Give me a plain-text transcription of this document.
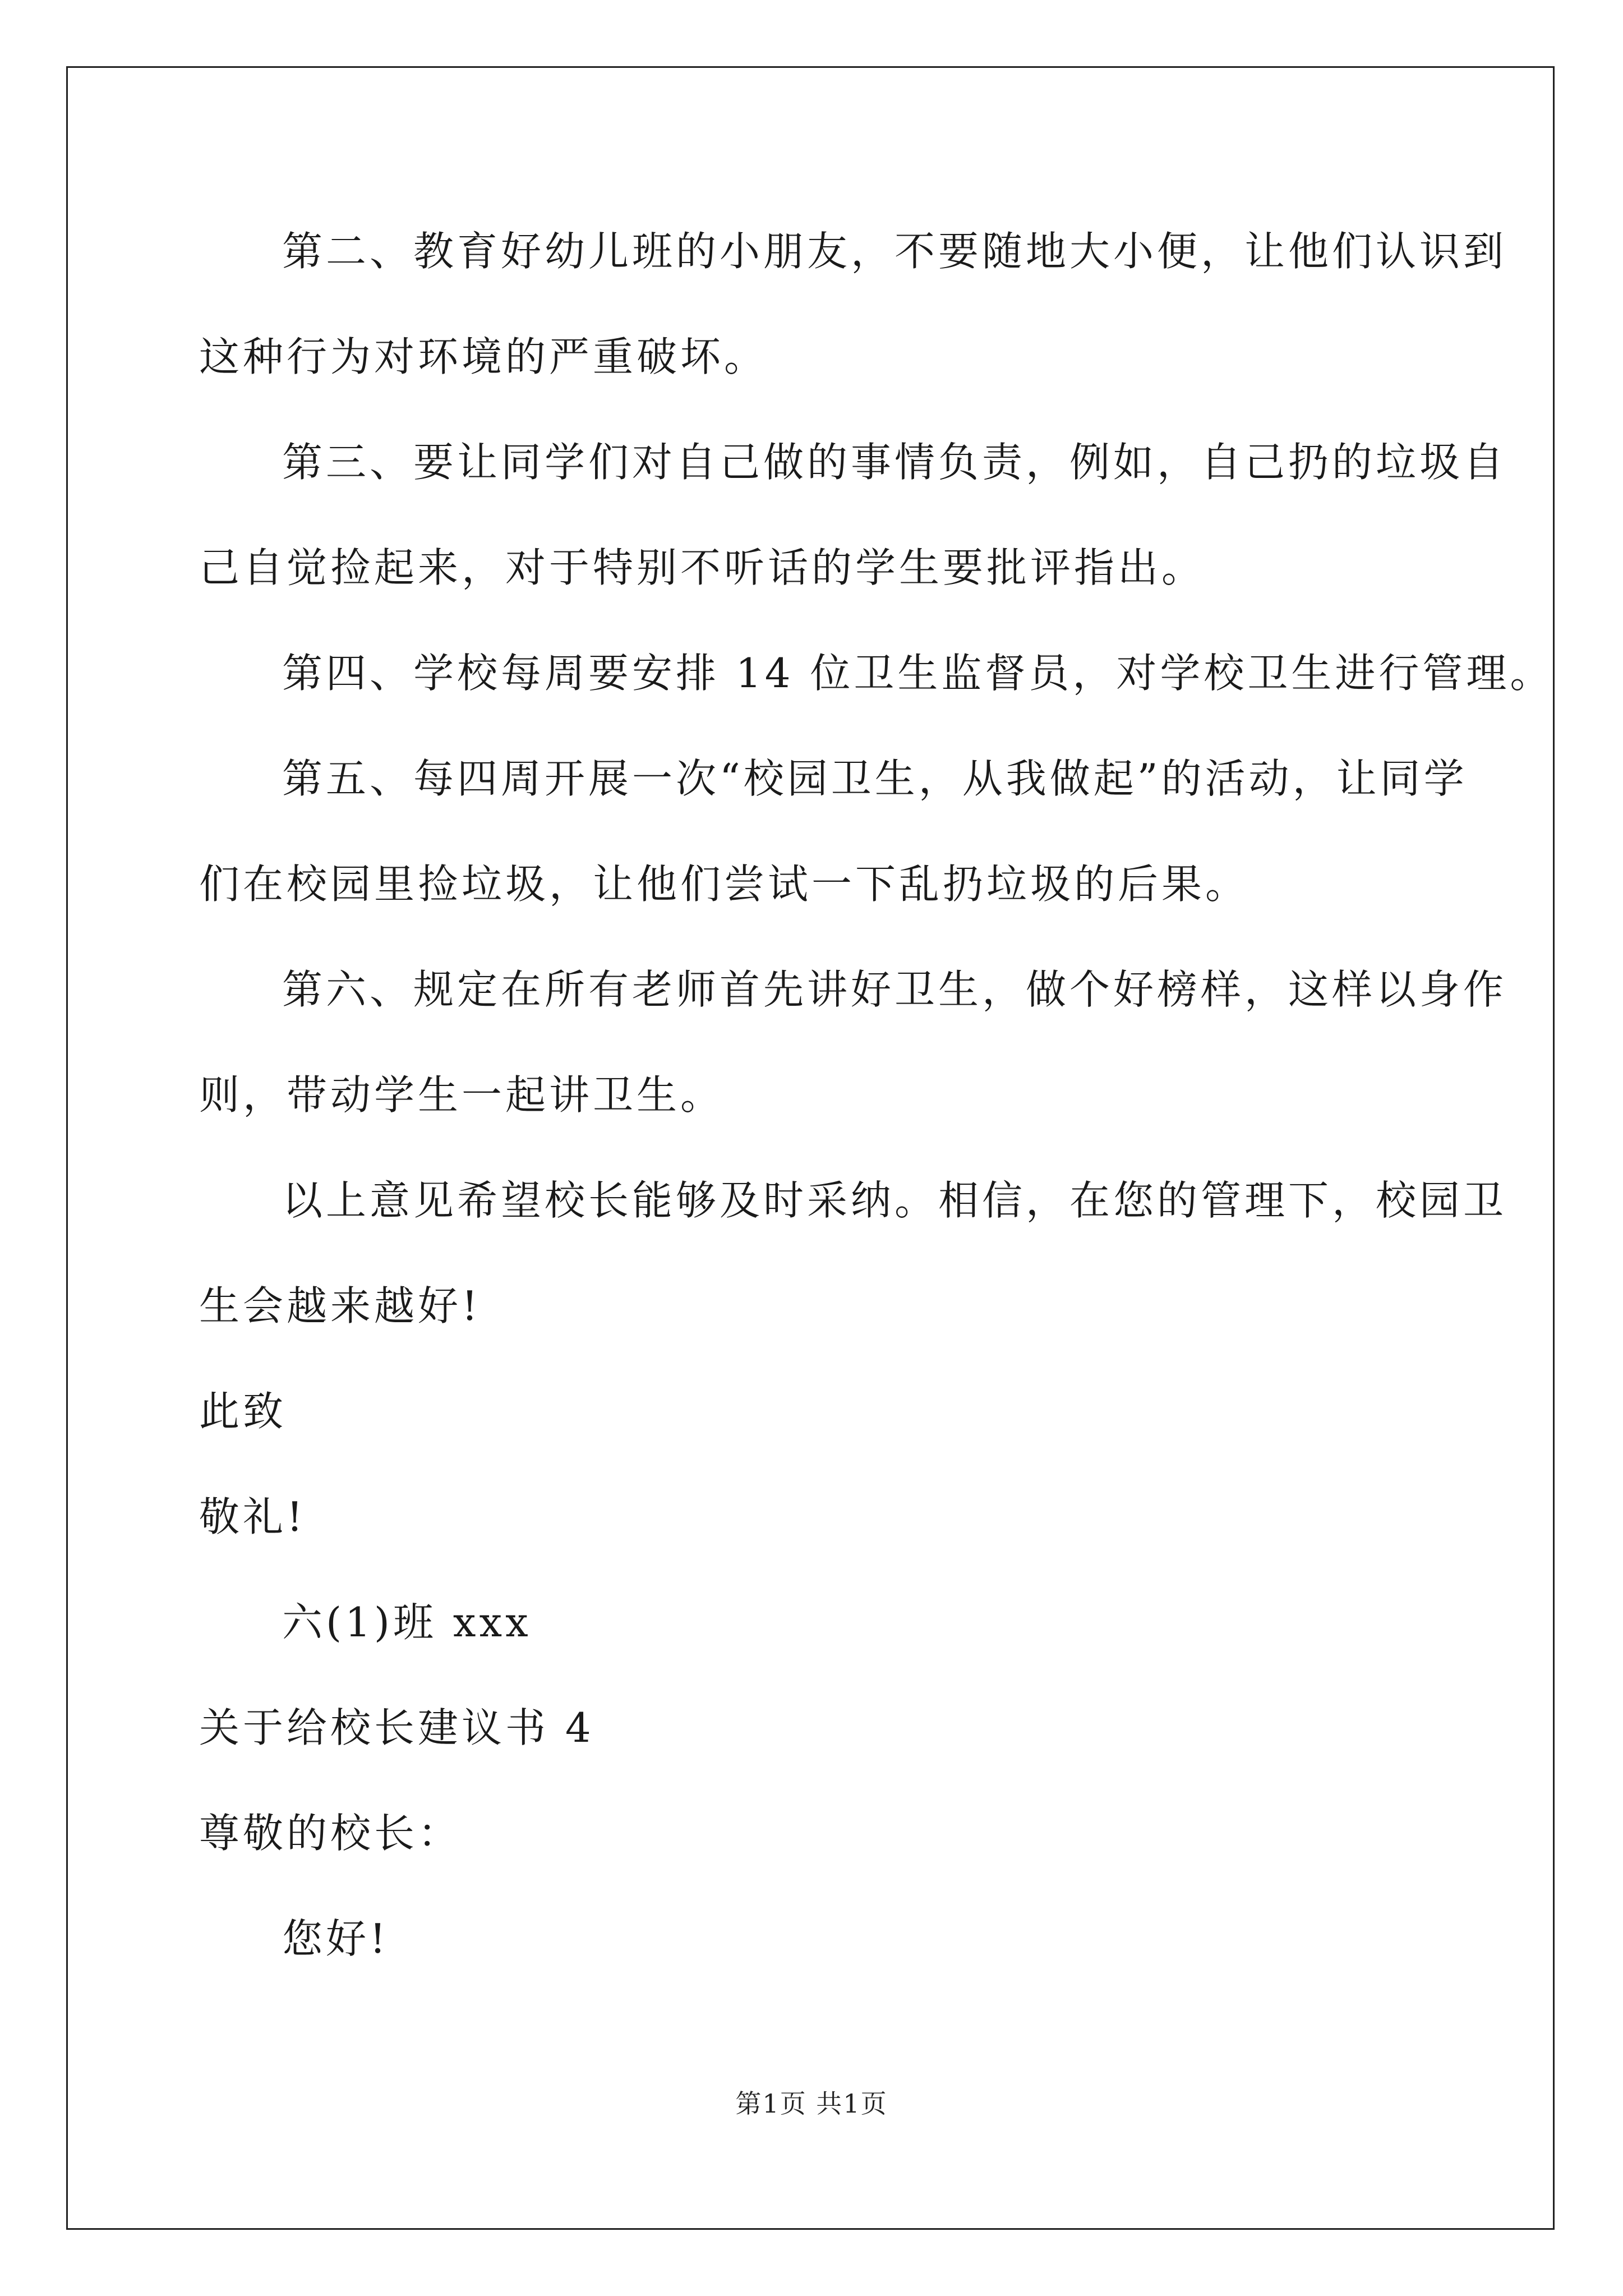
第二、教育好幼儿班的小朋友，不要随地大小便，让他们认识到
这种行为对环境的严重破坏。
第三、要让同学们对自己做的事情负责，例如，自己扔的垃圾自
己自觉捡起来，对于特别不听话的学生要批评指出。
第四、学校每周要安排 14 位卫生监督员，对学校卫生进行管理。
第五、每四周开展一次“校园卫生，从我做起”的活动，让同学
们在校园里捡垃圾，让他们尝试一下乱扔垃圾的后果。
第六、规定在所有老师首先讲好卫生，做个好榜样，这样以身作
则，带动学生一起讲卫生。
以上意见希望校长能够及时采纳。相信，在您的管理下，校园卫
生会越来越好!
此致
敬礼!
六(1)班 xxx
关于给校长建议书 4
尊敬的校长：
您好!
第1页 共1页
